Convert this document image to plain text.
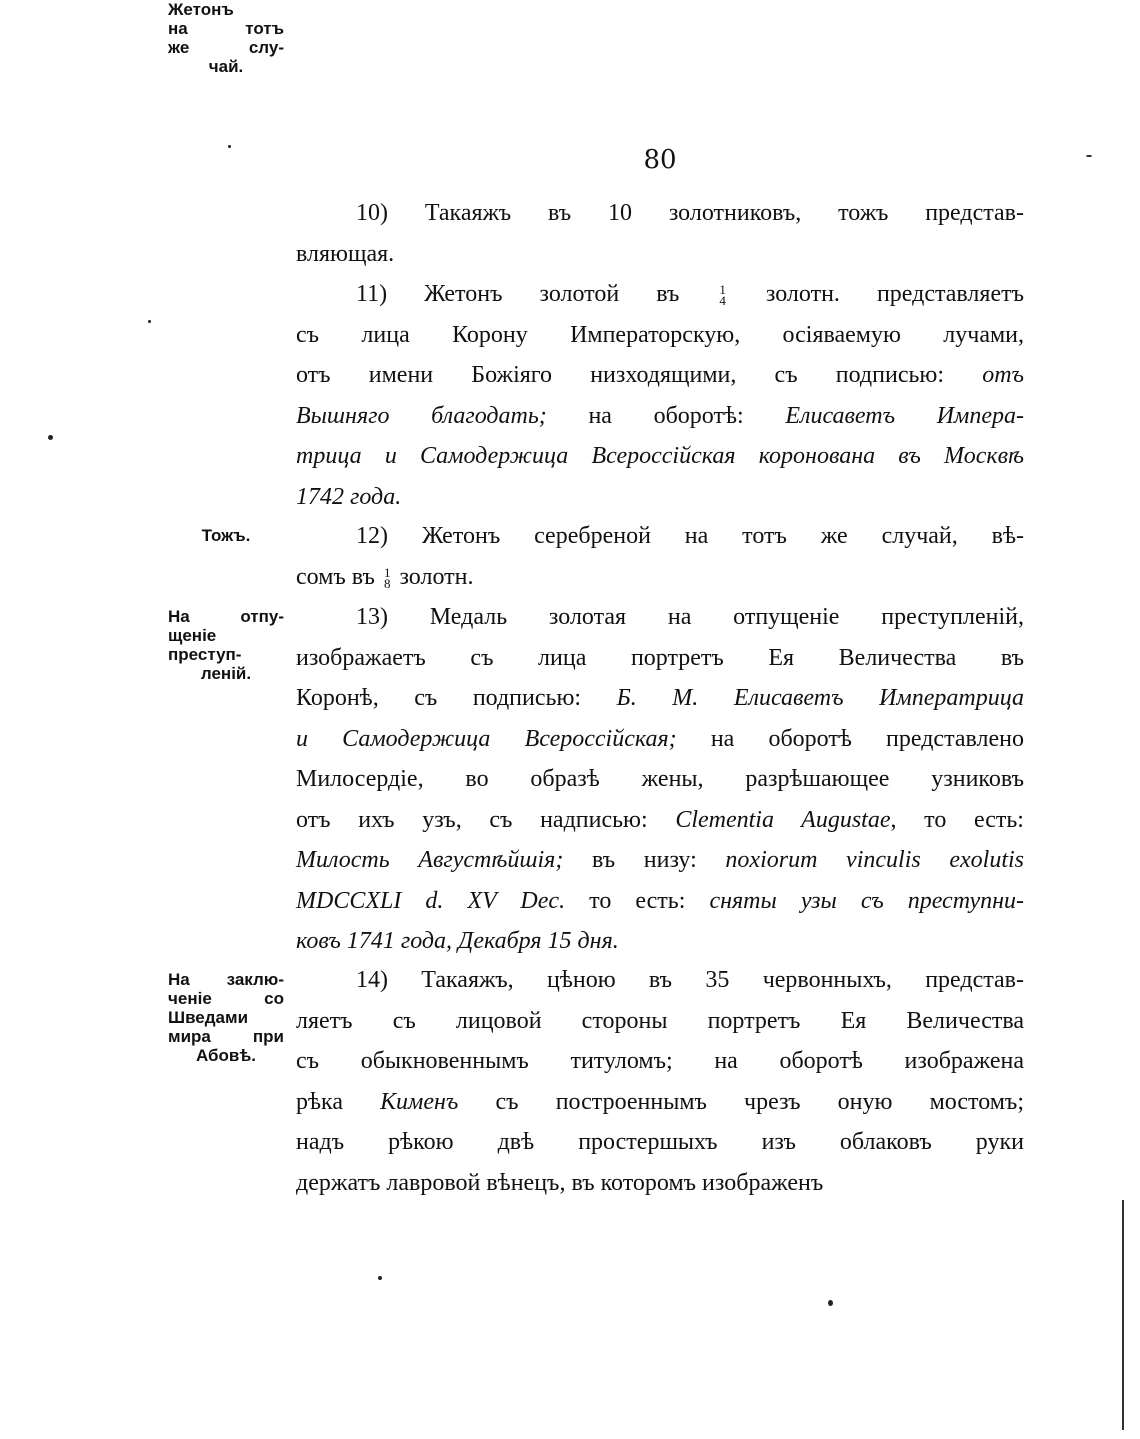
80
Жетонъ
на тотъ
же слу-
чай.
Тожъ.
На отпу-
щеніе
преступ-
леній.
На заклю-
ченіе со
Шведами
мира при
Абовѣ.
10) Такаяжъ въ 10 золотниковъ, тожъ представ-
вляющая.
11) Жетонъ золотой въ 1
4 золотн. представляетъ
съ лица Корону Императорскую, осіяваемую лучами,
отъ имени Божіяго низходящими, съ подписью: отъ
Вышняго благодать; на оборотѣ: Елисаветъ Импера-
трица и Самодержица Всероссійская коронована въ Москвѣ
1742 года.
12) Жетонъ серебреной на тотъ же случай, вѣ-
сомъ въ 1
8 золотн.
13) Медаль золотая на отпущеніе преступленій,
изображаетъ съ лица портретъ Ея Величества въ
Коронѣ, съ подписью: Б. М. Елисаветъ Императрица
и Самодержица Всероссійская; на оборотѣ представлено
Милосердіе, во образѣ жены, разрѣшающее узниковъ
отъ ихъ узъ, съ надписью: Clementia Augustae, то есть:
Милость Августѣйшія; въ низу: noxiorum vinculis exolutis
MDCCXLI d. XV Dec. то есть: сняты узы съ преступни-
ковъ 1741 года, Декабря 15 дня.
14) Такаяжъ, цѣною въ 35 червонныхъ, представ-
ляетъ съ лицовой стороны портретъ Ея Величества
съ обыкновеннымъ титуломъ; на оборотѣ изображена
рѣка Кименъ съ построеннымъ чрезъ оную мостомъ;
надъ рѣкою двѣ простершыхъ изъ облаковъ руки
держатъ лавровой вѣнецъ, въ которомъ изображенъ
